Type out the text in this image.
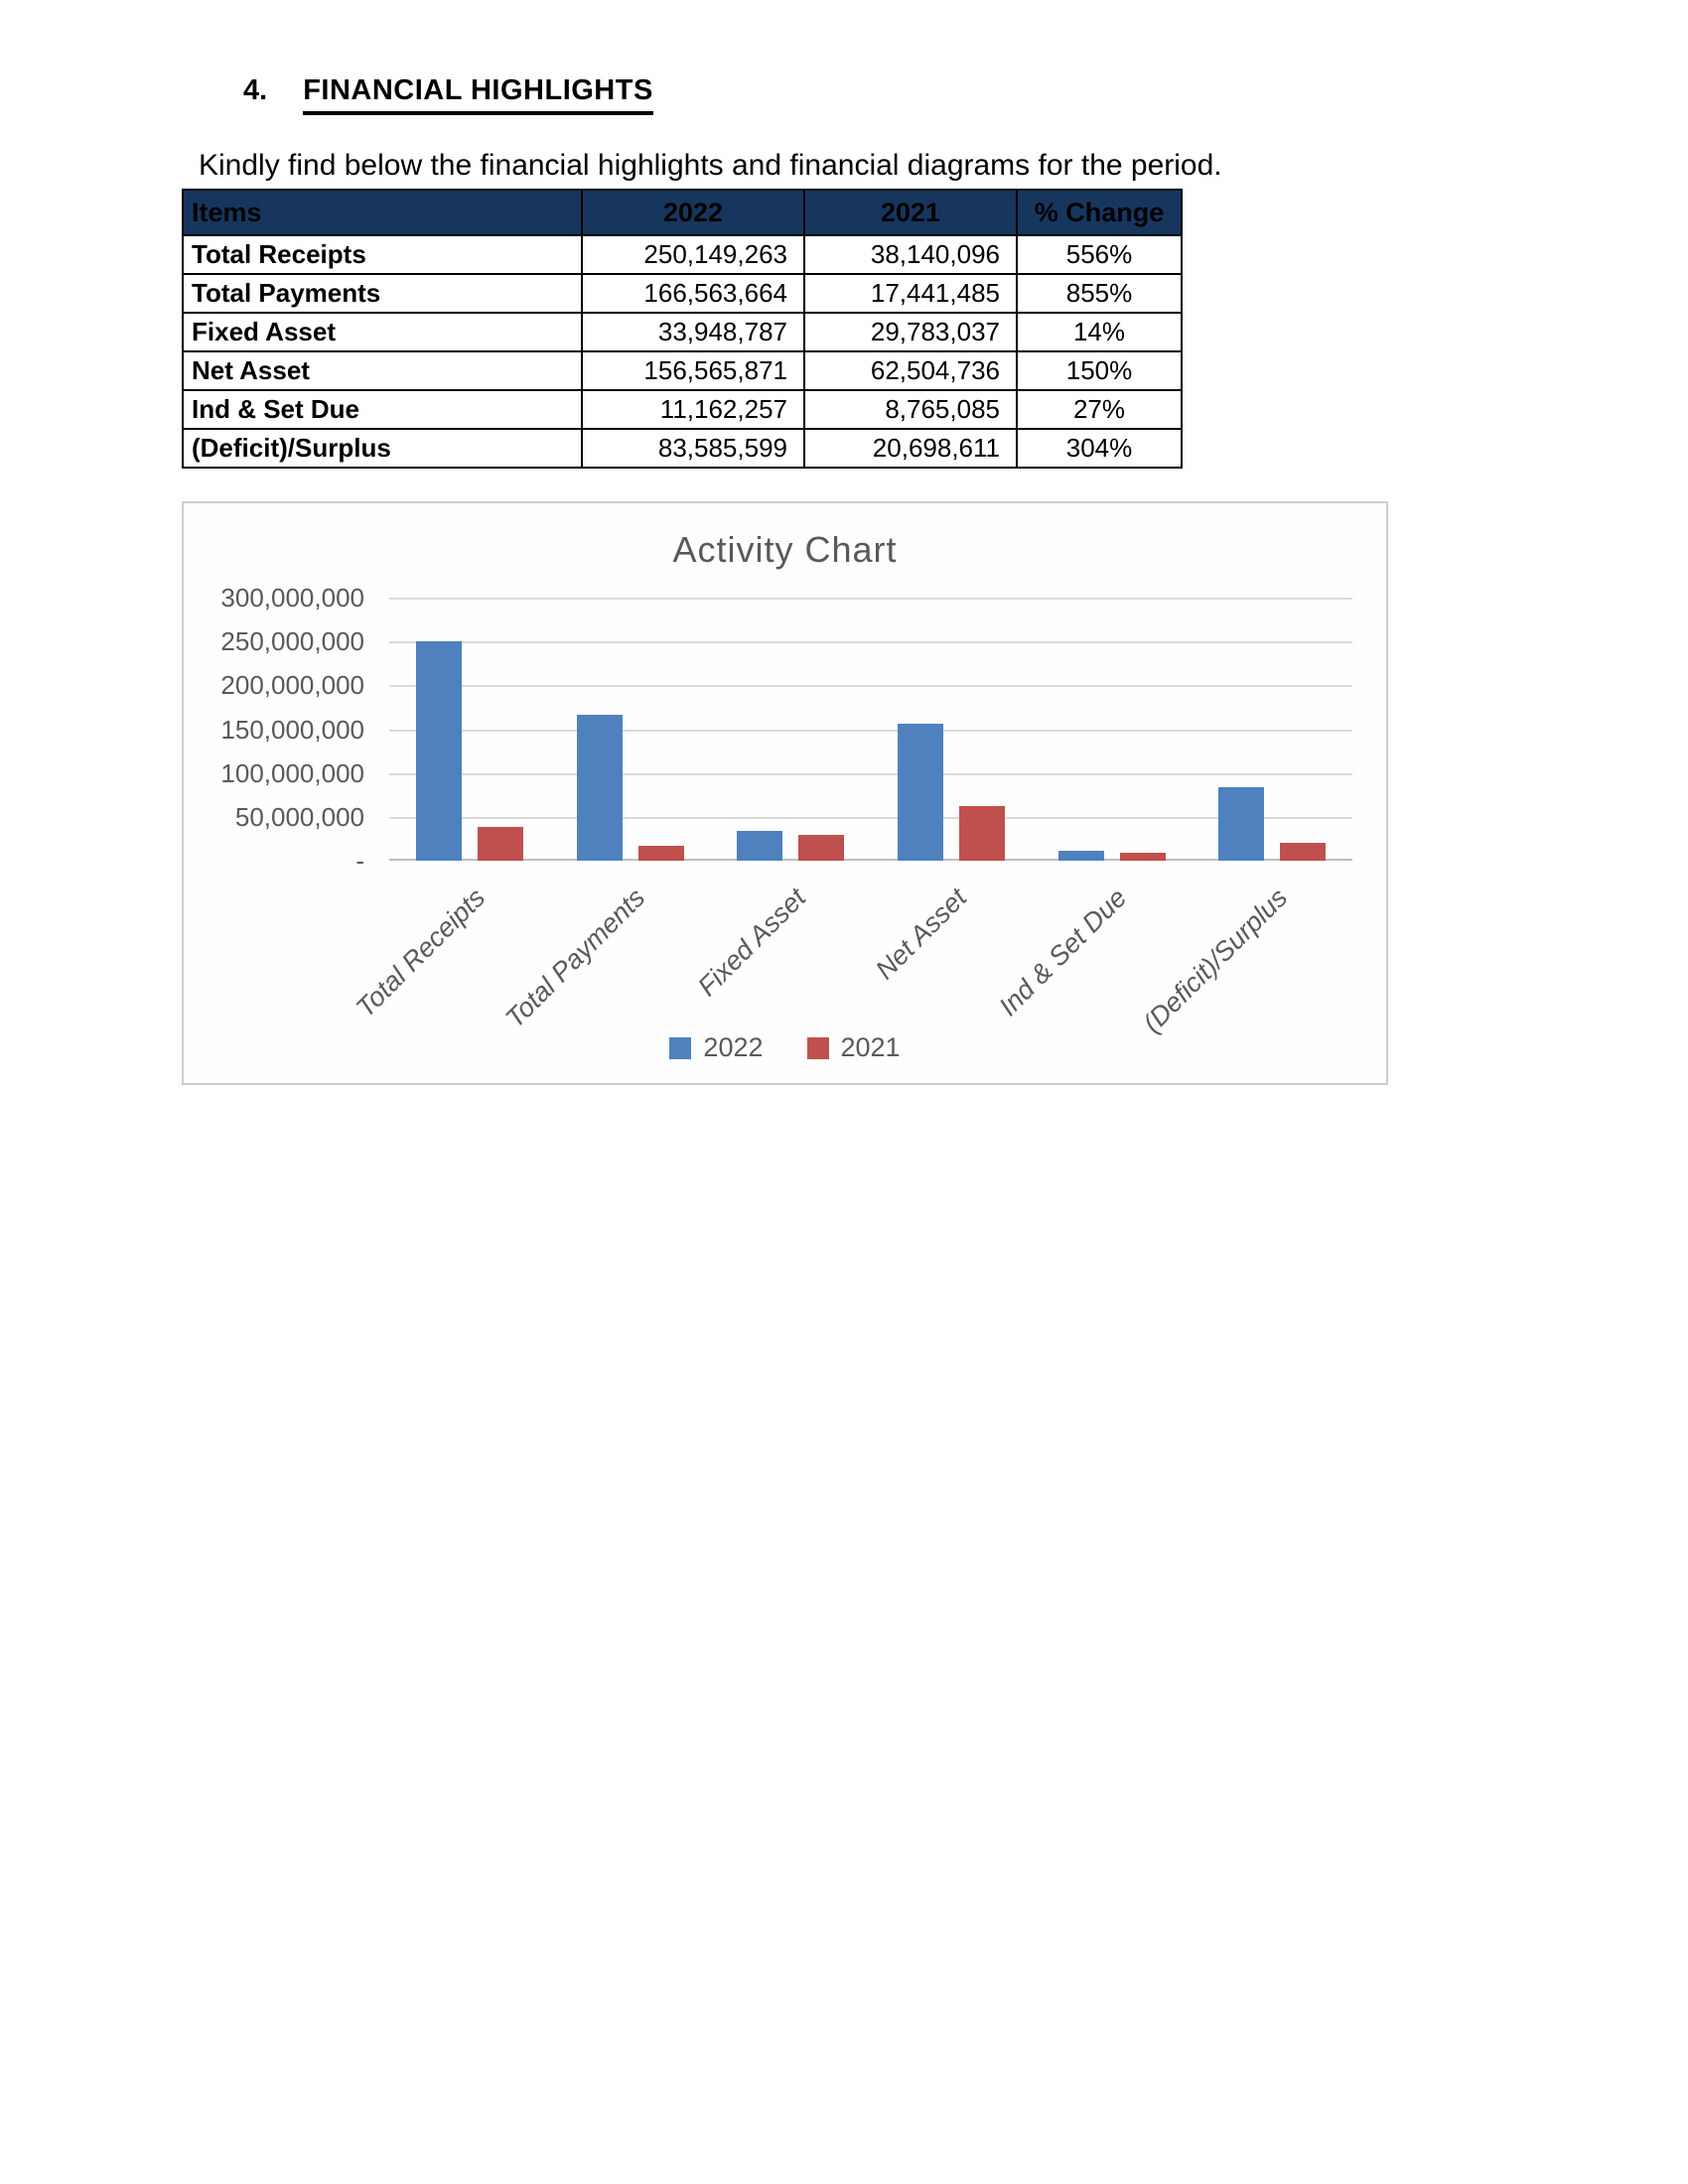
4. FINANCIAL HIGHLIGHTS

Kindly find below the financial highlights and financial diagrams for the period.

Items	2022	2021	% Change
Total Receipts	250,149,263	38,140,096	556%
Total Payments	166,563,664	17,441,485	855%
Fixed Asset	33,948,787	29,783,037	14%
Net Asset	156,565,871	62,504,736	150%
Ind & Set Due	11,162,257	8,765,085	27%
(Deficit)/Surplus	83,585,599	20,698,611	304%
Activity Chart
300,000,000
250,000,000
200,000,000
150,000,000
100,000,000
50,000,000
-
Total Receipts Total Payments Fixed Asset Net Asset Ind & Set Due (Deficit)/Surplus
2022	2021
